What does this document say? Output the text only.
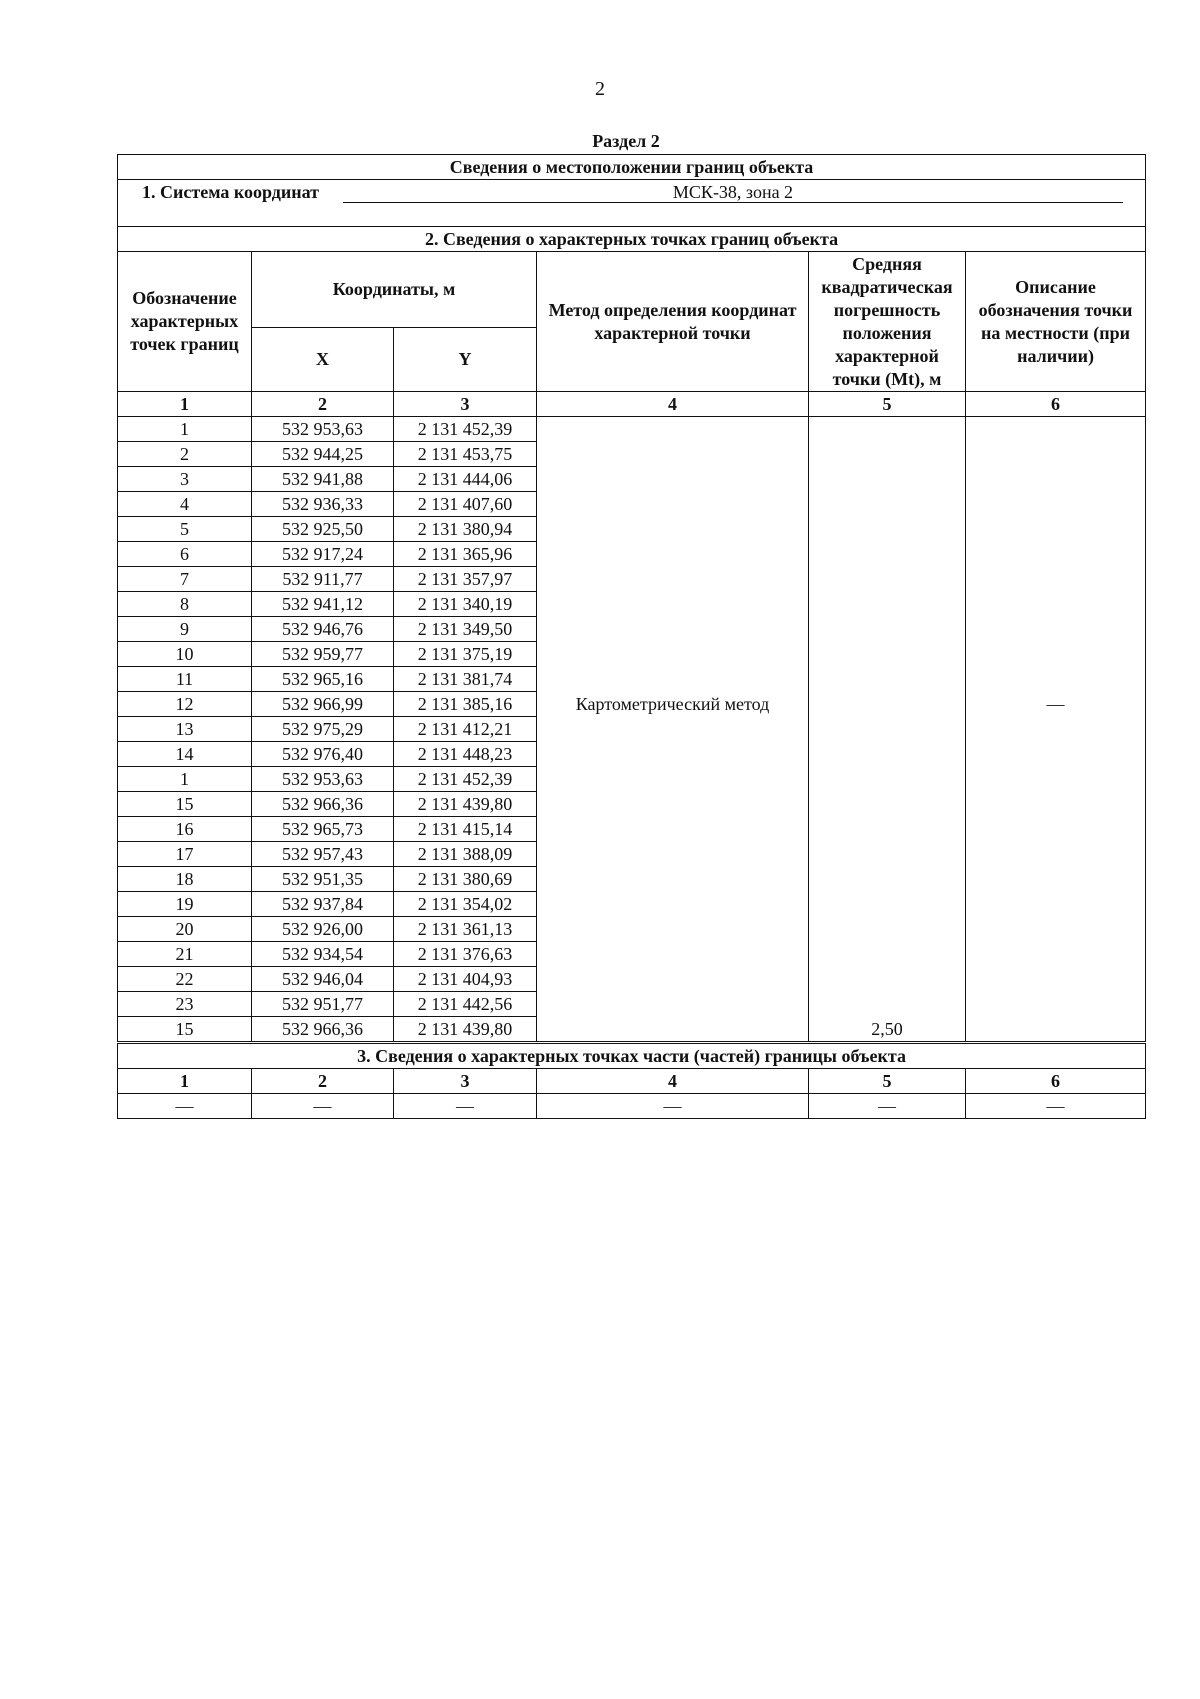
2
Раздел 2
Сведения о местоположении границ объекта					
1. Система координат МСК-38, зона 2					

2. Сведения о характерных точках границ объекта					
Обозначение характерных точек границ	Координаты, м		Метод определения координат характерной точки	Средняя квадратическая погрешность положения характерной точки (Mt), м	Описание обозначения точки на местности (при наличии)
	X	Y			
1	2	3	4	5	6
1	532 953,63	2 131 452,39			
2	532 944,25	2 131 453,75			
3	532 941,88	2 131 444,06			
4	532 936,33	2 131 407,60			
5	532 925,50	2 131 380,94			
6	532 917,24	2 131 365,96			
7	532 911,77	2 131 357,97			
8	532 941,12	2 131 340,19			
9	532 946,76	2 131 349,50			
10	532 959,77	2 131 375,19			
11	532 965,16	2 131 381,74			
12	532 966,99	2 131 385,16	Картометрический метод		—
13	532 975,29	2 131 412,21			
14	532 976,40	2 131 448,23			
1	532 953,63	2 131 452,39			
15	532 966,36	2 131 439,80			
16	532 965,73	2 131 415,14			
17	532 957,43	2 131 388,09			
18	532 951,35	2 131 380,69			
19	532 937,84	2 131 354,02			
20	532 926,00	2 131 361,13			
21	532 934,54	2 131 376,63			
22	532 946,04	2 131 404,93			
23	532 951,77	2 131 442,56			
15	532 966,36	2 131 439,80		2,50	
3. Сведения о характерных точках части (частей) границы объекта					
1	2	3	4	5	6
—	—	—	—	—	—
